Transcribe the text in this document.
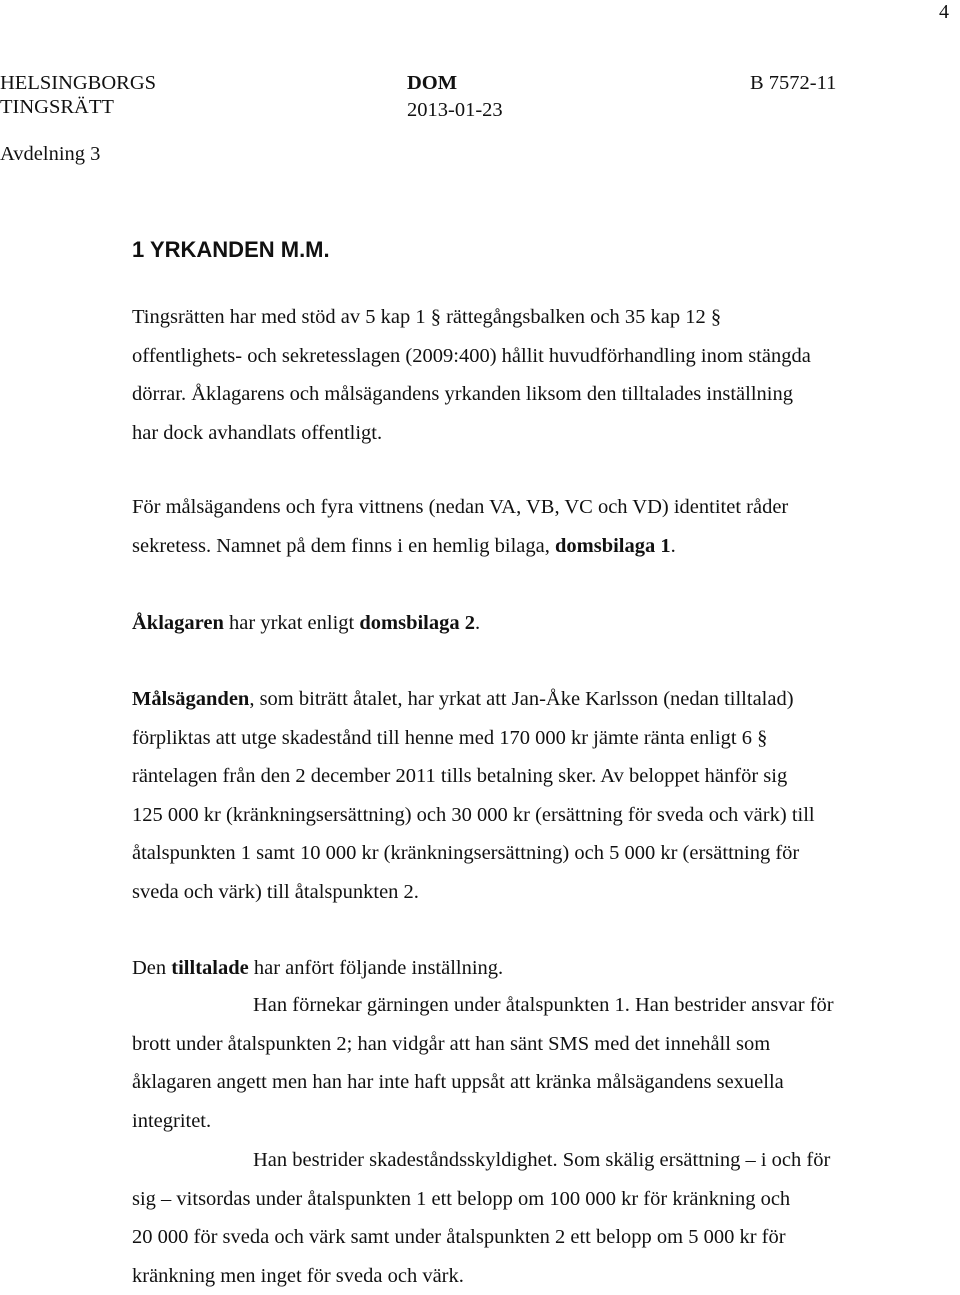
4
HELSINGBORGS
TINGSRÄTT
DOM
2013-01-23
B 7572-11
Avdelning 3
1 YRKANDEN M.M.
Tingsrätten har med stöd av 5 kap 1 § rättegångsbalken och 35 kap 12 §
offentlighets- och sekretesslagen (2009:400) hållit huvudförhandling inom stängda
dörrar. Åklagarens och målsägandens yrkanden liksom den tilltalades inställning
har dock avhandlats offentligt.
För målsägandens och fyra vittnens (nedan VA, VB, VC och VD) identitet råder
sekretess. Namnet på dem finns i en hemlig bilaga, domsbilaga 1.
Åklagaren har yrkat enligt domsbilaga 2.
Målsäganden, som biträtt åtalet, har yrkat att Jan-Åke Karlsson (nedan tilltalad)
förpliktas att utge skadestånd till henne med 170 000 kr jämte ränta enligt 6 §
räntelagen från den 2 december 2011 tills betalning sker. Av beloppet hänför sig
125 000 kr (kränkningsersättning) och 30 000 kr (ersättning för sveda och värk) till
åtalspunkten 1 samt 10 000 kr (kränkningsersättning) och 5 000 kr (ersättning för
sveda och värk) till åtalspunkten 2.
Den tilltalade har anfört följande inställning.
Han förnekar gärningen under åtalspunkten 1. Han bestrider ansvar för
brott under åtalspunkten 2; han vidgår att han sänt SMS med det innehåll som
åklagaren angett men han har inte haft uppsåt att kränka målsägandens sexuella
integritet.
Han bestrider skadeståndsskyldighet. Som skälig ersättning – i och för
sig – vitsordas under åtalspunkten 1 ett belopp om 100 000 kr för kränkning och
20 000 för sveda och värk samt under åtalspunkten 2 ett belopp om 5 000 kr för
kränkning men inget för sveda och värk.
